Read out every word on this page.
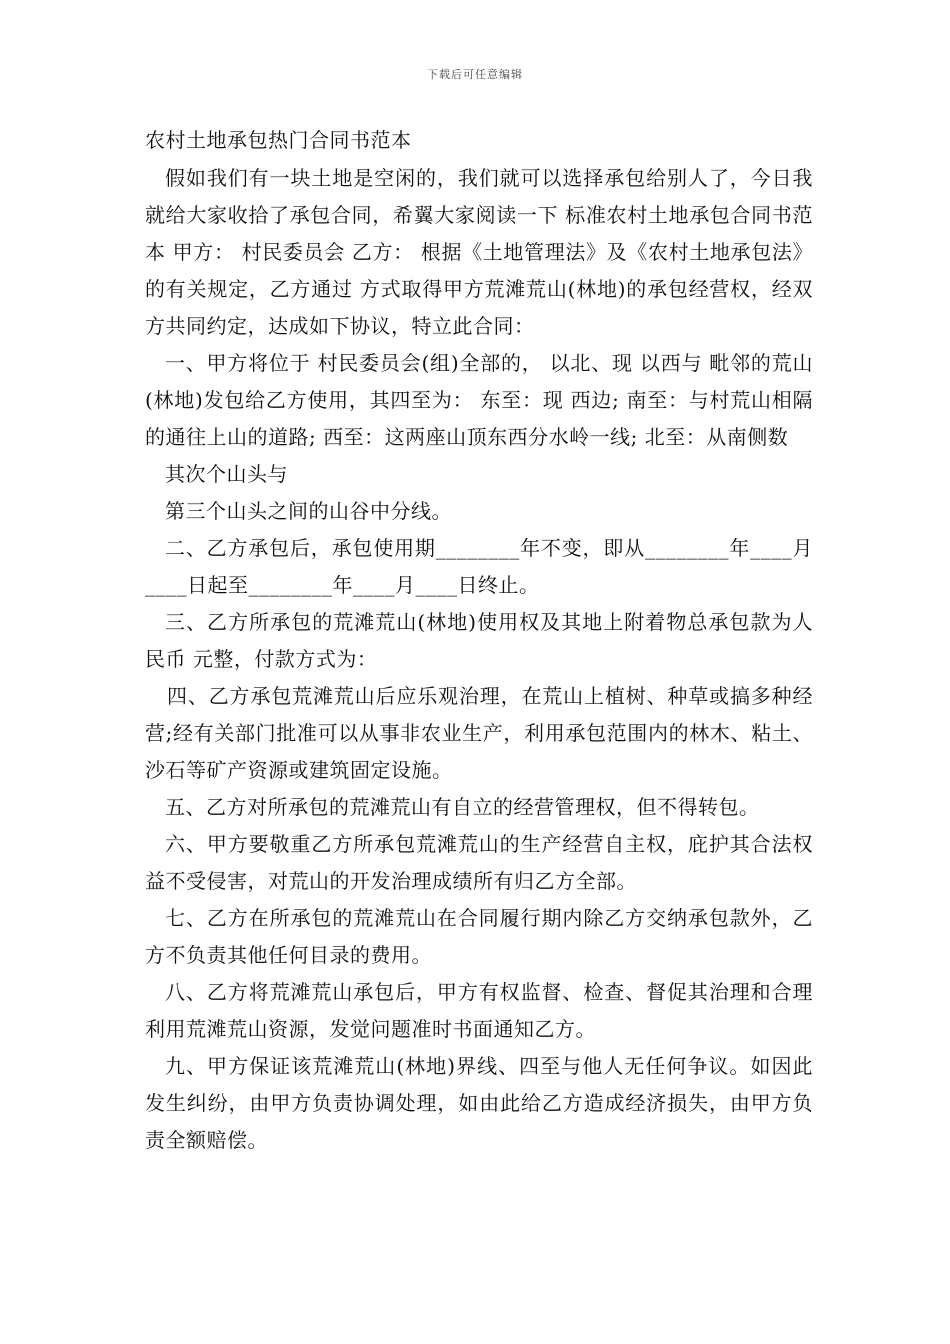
下载后可任意编辑
农村土地承包热门合同书范本

假如我们有一块土地是空闲的，我们就可以选择承包给别人了，今日我就给大家收拾了承包合同，希翼大家阅读一下 标准农村土地承包合同书范本 甲方： 村民委员会 乙方： 根据《土地管理法》及《农村土地承包法》的有关规定，乙方通过 方式取得甲方荒滩荒山(林地)的承包经营权，经双方共同约定，达成如下协议，特立此合同：

一、甲方将位于 村民委员会(组)全部的， 以北、现 以西与 毗邻的荒山(林地)发包给乙方使用，其四至为： 东至：现 西边; 南至：与村荒山相隔的通往上山的道路; 西至：这两座山顶东西分水岭一线; 北至：从南侧数

其次个山头与

第三个山头之间的山谷中分线。

二、乙方承包后，承包使用期________年不变，即从________年____月____日起至________年____月____日终止。

三、乙方所承包的荒滩荒山(林地)使用权及其地上附着物总承包款为人民币 元整，付款方式为：

四、乙方承包荒滩荒山后应乐观治理，在荒山上植树、种草或搞多种经营;经有关部门批准可以从事非农业生产，利用承包范围内的林木、粘土、沙石等矿产资源或建筑固定设施。

五、乙方对所承包的荒滩荒山有自立的经营管理权，但不得转包。

六、甲方要敬重乙方所承包荒滩荒山的生产经营自主权，庇护其合法权益不受侵害，对荒山的开发治理成绩所有归乙方全部。

七、乙方在所承包的荒滩荒山在合同履行期内除乙方交纳承包款外，乙方不负责其他任何目录的费用。

八、乙方将荒滩荒山承包后，甲方有权监督、检查、督促其治理和合理利用荒滩荒山资源，发觉问题准时书面通知乙方。

九、甲方保证该荒滩荒山(林地)界线、四至与他人无任何争议。如因此发生纠纷，由甲方负责协调处理，如由此给乙方造成经济损失，由甲方负责全额赔偿。
